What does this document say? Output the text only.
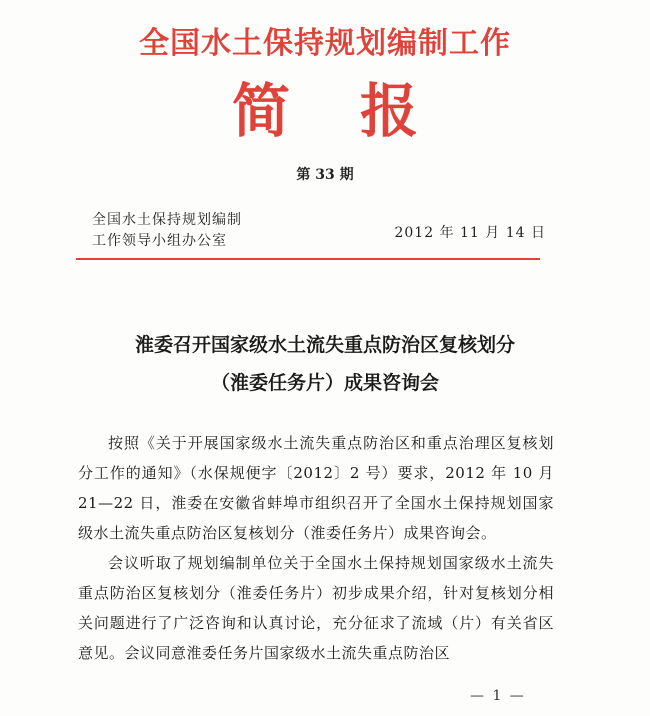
全国水土保持规划编制工作
简报
第 33 期
全国水土保持规划编制
工作领导小组办公室	2012 年 11 月 14 日
淮委召开国家级水土流失重点防治区复核划分
（淮委任务片）成果咨询会

按照《关于开展国家级水土流失重点防治区和重点治理区复核划分工作的通知》（水保规便字〔2012〕2 号）要求，2012 年 10 月 21—22 日，淮委在安徽省蚌埠市组织召开了全国水土保持规划国家级水土流失重点防治区复核划分（淮委任务片）成果咨询会。

会议听取了规划编制单位关于全国水土保持规划国家级水土流失重点防治区复核划分（淮委任务片）初步成果介绍，针对复核划分相关问题进行了广泛咨询和认真讨论，充分征求了流域（片）有关省区意见。会议同意淮委任务片国家级水土流失重点防治区

— 1 —
